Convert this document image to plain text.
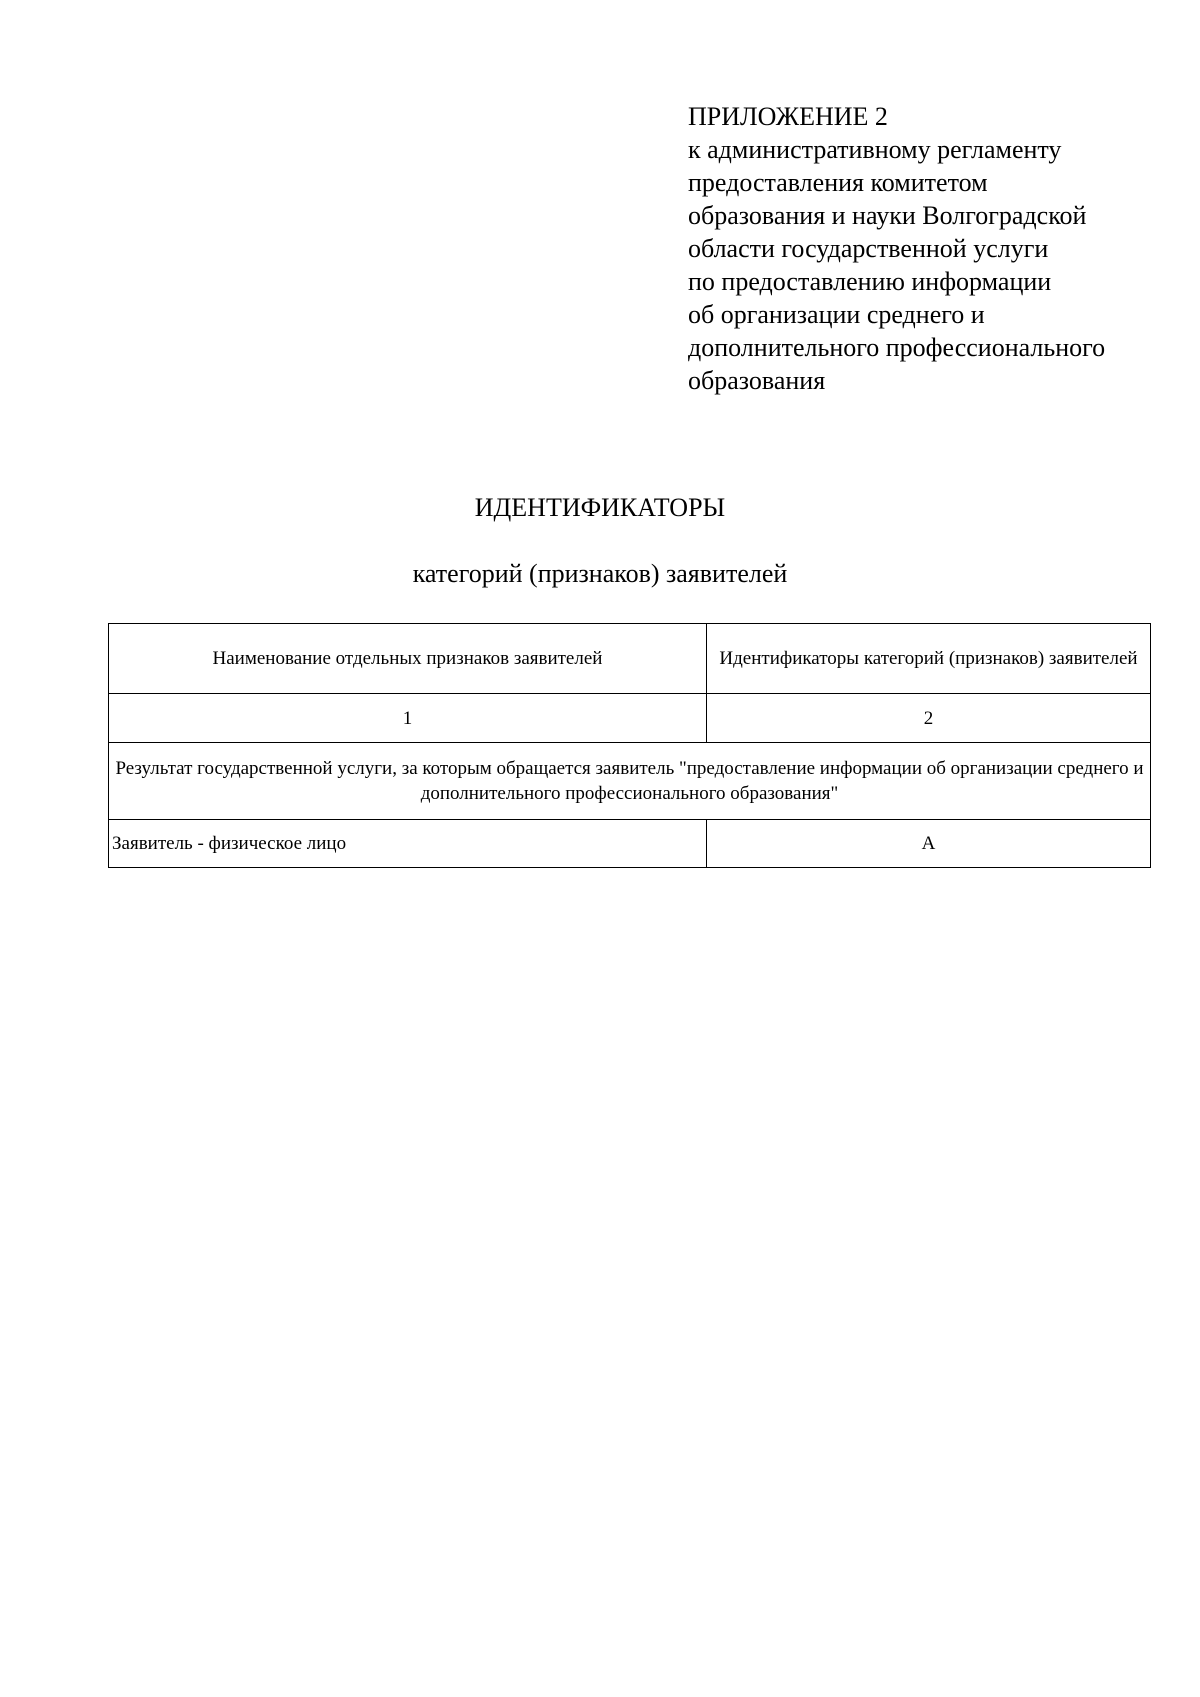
ПРИЛОЖЕНИЕ 2
к административному регламенту
предоставления комитетом
образования и науки Волгоградской
области государственной услуги
по предоставлению информации
об организации среднего и
дополнительного профессионального
образования
ИДЕНТИФИКАТОРЫ
категорий (признаков) заявителей
Наименование отдельных признаков заявителей	Идентификаторы категорий (признаков) заявителей
1	2
Результат государственной услуги, за которым обращается заявитель "предоставление информации об организации среднего и дополнительного профессионального образования"	
Заявитель - физическое лицо	А
